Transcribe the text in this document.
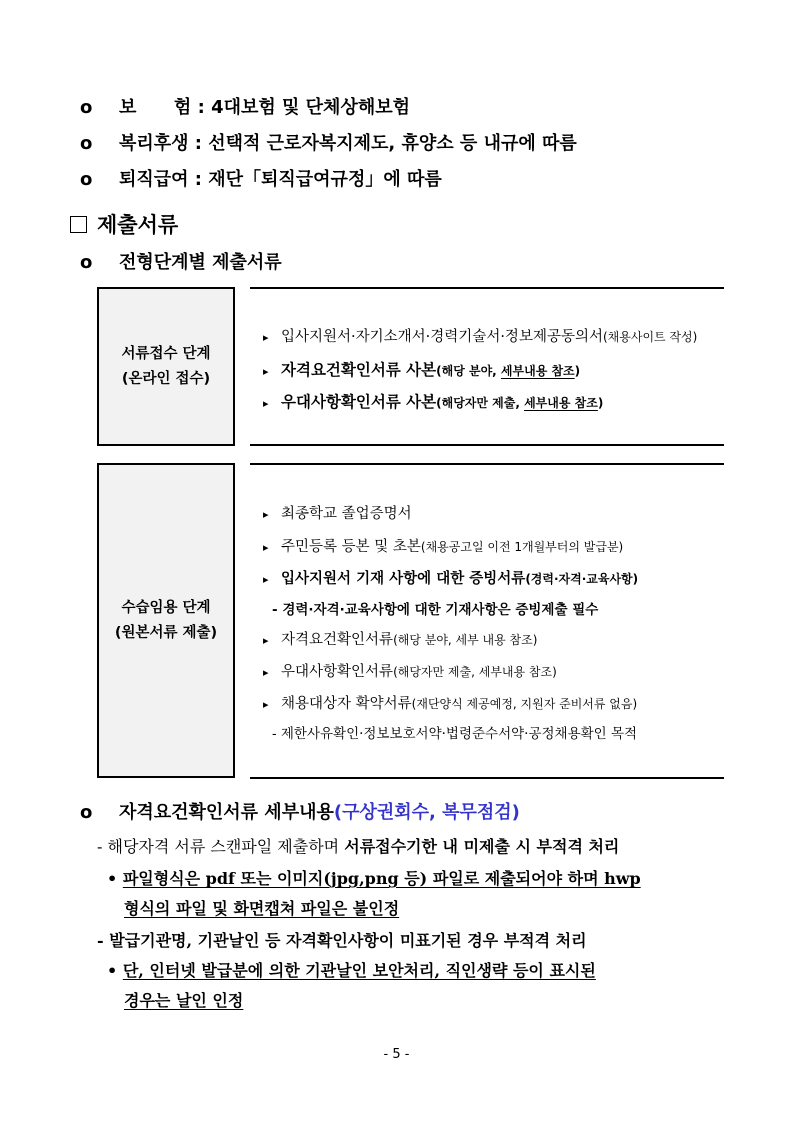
o 보      험 : 4대보험 및 단체상해보험
o 복리후생 : 선택적 근로자복지제도, 휴양소 등 내규에 따름
o 퇴직급여 : 재단「퇴직급여규정」에 따름
제출서류
o 전형단계별 제출서류
서류접수 단계
(온라인 접수)
▸ 입사지원서·자기소개서·경력기술서·정보제공동의서(채용사이트 작성)
▸ 자격요건확인서류 사본(해당 분야, 세부내용 참조)
▸ 우대사항확인서류 사본(해당자만 제출, 세부내용 참조)
수습임용 단계
(원본서류 제출)
▸ 최종학교 졸업증명서
▸ 주민등록 등본 및 초본(채용공고일 이전 1개월부터의 발급분)
▸ 입사지원서 기재 사항에 대한 증빙서류(경력·자격·교육사항)
- 경력·자격·교육사항에 대한 기재사항은 증빙제출 필수
▸ 자격요건확인서류(해당 분야, 세부 내용 참조)
▸ 우대사항확인서류(해당자만 제출, 세부내용 참조)
▸ 채용대상자 확약서류(재단양식 제공예정, 지원자 준비서류 없음)
- 제한사유확인·정보보호서약·법령준수서약·공정채용확인 목적
o 자격요건확인서류 세부내용(구상권회수, 복무점검)
- 해당자격 서류 스캔파일 제출하며 서류접수기한 내 미제출 시 부적격 처리
• 파일형식은 pdf 또는 이미지(jpg,png 등) 파일로 제출되어야 하며 hwp
형식의 파일 및 화면캡쳐 파일은 불인정
- 발급기관명, 기관날인 등 자격확인사항이 미표기된 경우 부적격 처리
• 단, 인터넷 발급분에 의한 기관날인 보안처리, 직인생략 등이 표시된
경우는 날인 인정
- 5 -
